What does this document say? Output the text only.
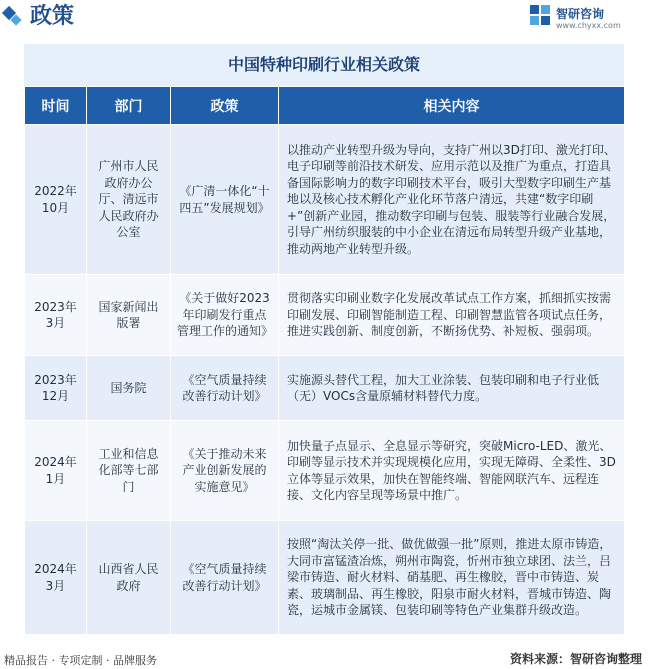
政策	智研咨询
www.chyxx.com
中国特种印刷行业相关政策
时间	部门	政策	相关内容
2022年10月	广州市人民政府办公厅、清远市人民政府办公室	《广清一体化“十四五”发展规划》	以推动产业转型升级为导向，支持广州以3D打印、激光打印、电子印刷等前沿技术研发、应用示范以及推广为重点，打造具备国际影响力的数字印刷技术平台，吸引大型数字印刷生产基地以及核心技术孵化产业化环节落户清远，共建“数字印刷+”创新产业园，推动数字印刷与包装、服装等行业融合发展，引导广州纺织服装的中小企业在清远布局转型升级产业基地，推动两地产业转型升级。
2023年3月	国家新闻出版署	《关于做好2023年印刷发行重点管理工作的通知》	贯彻落实印刷业数字化发展改革试点工作方案，抓细抓实按需印刷发展、印刷智能制造工程、印刷智慧监管各项试点任务，推进实践创新、制度创新，不断扬优势、补短板、强弱项。
2023年12月	国务院	《空气质量持续改善行动计划》	实施源头替代工程，加大工业涂装、包装印刷和电子行业低（无）VOCs含量原辅材料替代力度。
2024年1月	工业和信息化部等七部门	《关于推动未来产业创新发展的实施意见》	加快量子点显示、全息显示等研究，突破Micro-LED、激光、印刷等显示技术并实现规模化应用，实现无障碍、全柔性、3D立体等显示效果，加快在智能终端、智能网联汽车、远程连接、文化内容呈现等场景中推广。
2024年3月	山西省人民政府	《空气质量持续改善行动计划》	按照“淘汰关停一批、做优做强一批”原则，推进太原市铸造，大同市富锰渣冶炼，朔州市陶瓷，忻州市独立球团、法兰，吕梁市铸造、耐火材料、硝基肥、再生橡胶，晋中市铸造、炭素、玻璃制品、再生橡胶，阳泉市耐火材料，晋城市铸造、陶瓷，运城市金属镁、包装印刷等特色产业集群升级改造。
精品报告 · 专项定制 · 品牌服务	资料来源：智研咨询整理
